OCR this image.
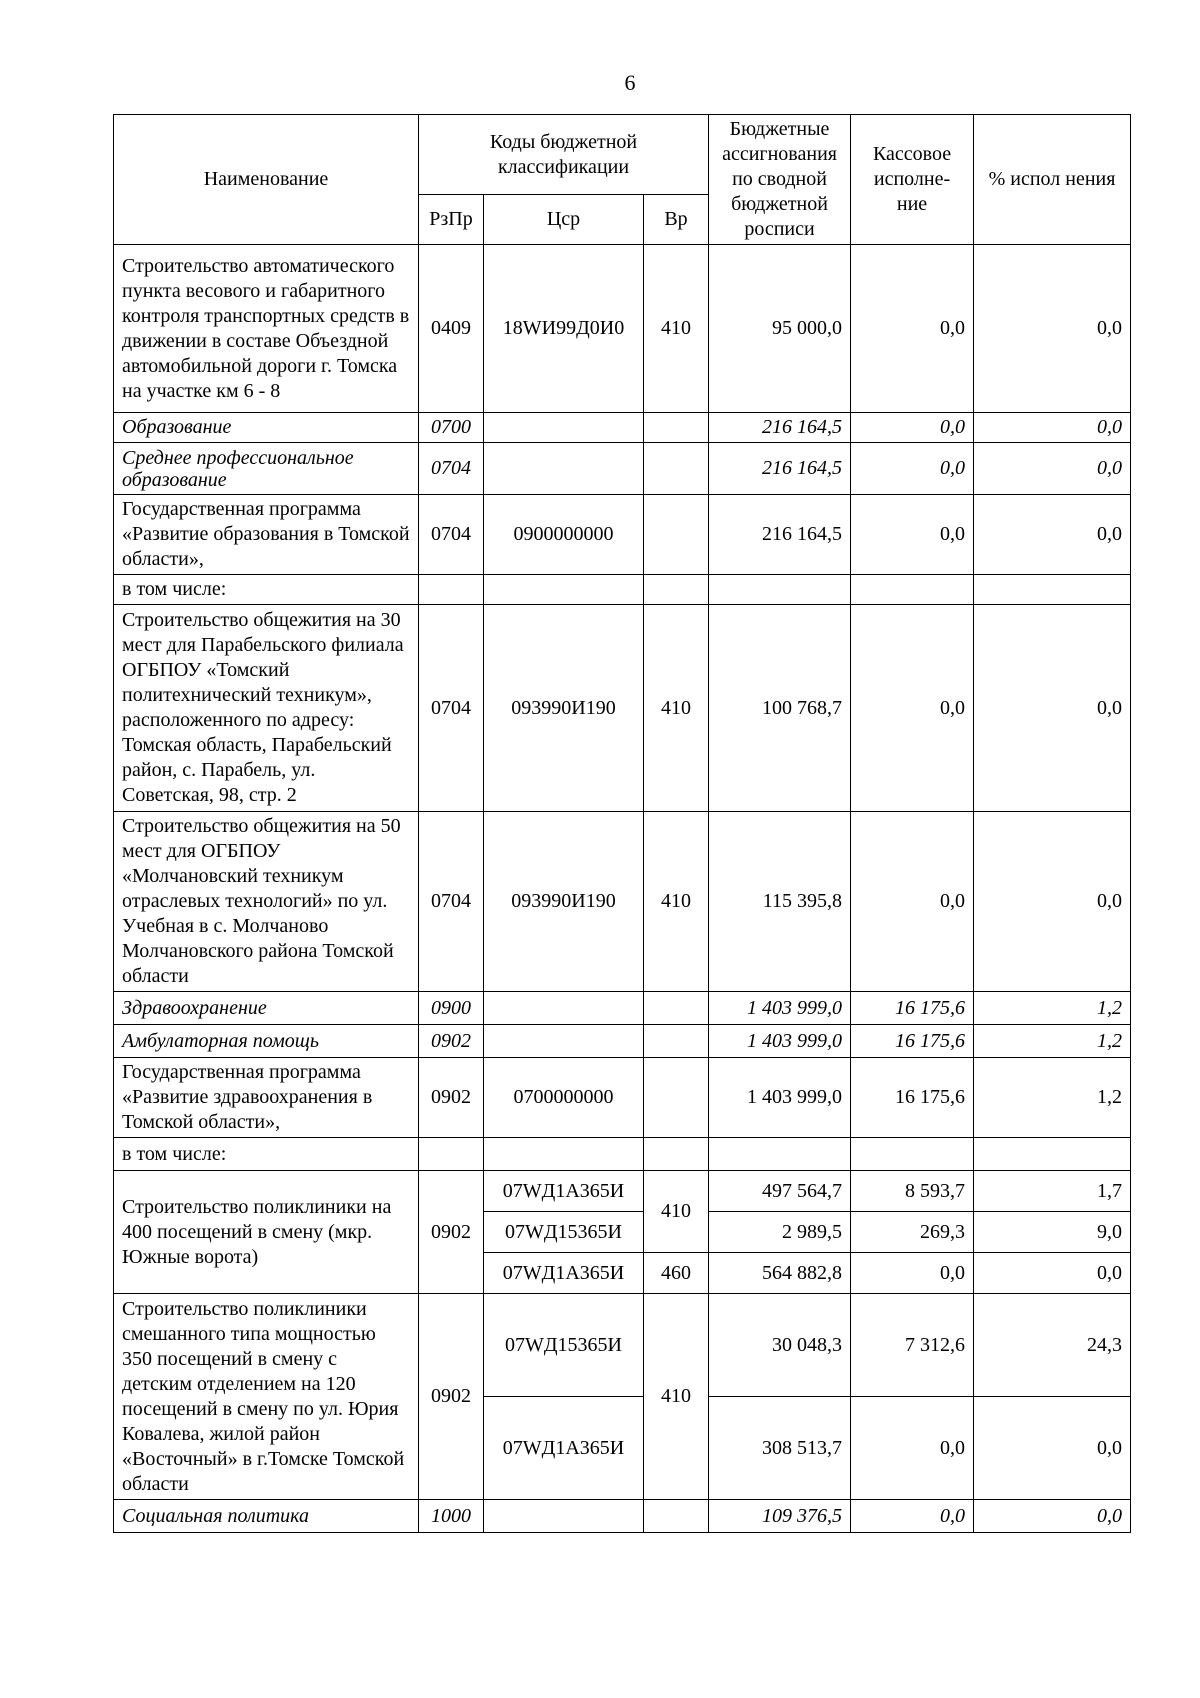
6
Наименование	Коды бюджетной классификации			Бюджетные ассигнования по сводной бюджетной росписи	Кассовое исполне-ние	% испол нения
	РзПр	Цср	Вр			
Строительство автоматического пункта весового и габаритного контроля транспортных средств в движении в составе Объездной автомобильной дороги г. Томска на участке км 6 - 8	0409	18WИ99Д0И0	410	95 000,0	0,0	0,0
Образование	0700			216 164,5	0,0	0,0
Среднее профессиональное образование	0704			216 164,5	0,0	0,0
Государственная программа «Развитие образования в Томской области»,	0704	0900000000		216 164,5	0,0	0,0
в том числе:						
Строительство общежития на 30 мест для Парабельского филиала ОГБПОУ «Томский политехнический техникум», расположенного по адресу: Томская область, Парабельский район, с. Парабель, ул. Советская, 98, стр. 2	0704	093990И190	410	100 768,7	0,0	0,0
Строительство общежития на 50 мест для ОГБПОУ «Молчановский техникум отраслевых технологий» по ул. Учебная в с. Молчаново Молчановского района Томской области	0704	093990И190	410	115 395,8	0,0	0,0
Здравоохранение	0900			1 403 999,0	16 175,6	1,2
Амбулаторная помощь	0902			1 403 999,0	16 175,6	1,2
Государственная программа «Развитие здравоохранения в Томской области»,	0902	0700000000		1 403 999,0	16 175,6	1,2
в том числе:						
Строительство поликлиники на 400 посещений в смену (мкр. Южные ворота)	0902	07WД1А365И	410	497 564,7	8 593,7	1,7
		07WД15365И		2 989,5	269,3	9,0
		07WД1А365И	460	564 882,8	0,0	0,0
Строительство поликлиники смешанного типа мощностью 350 посещений в смену с детским отделением на 120 посещений в смену по ул. Юрия Ковалева, жилой район «Восточный» в г.Томске Томской области	0902	07WД15365И	410	30 048,3	7 312,6	24,3
		07WД1А365И		308 513,7	0,0	0,0
Социальная политика	1000			109 376,5	0,0	0,0
